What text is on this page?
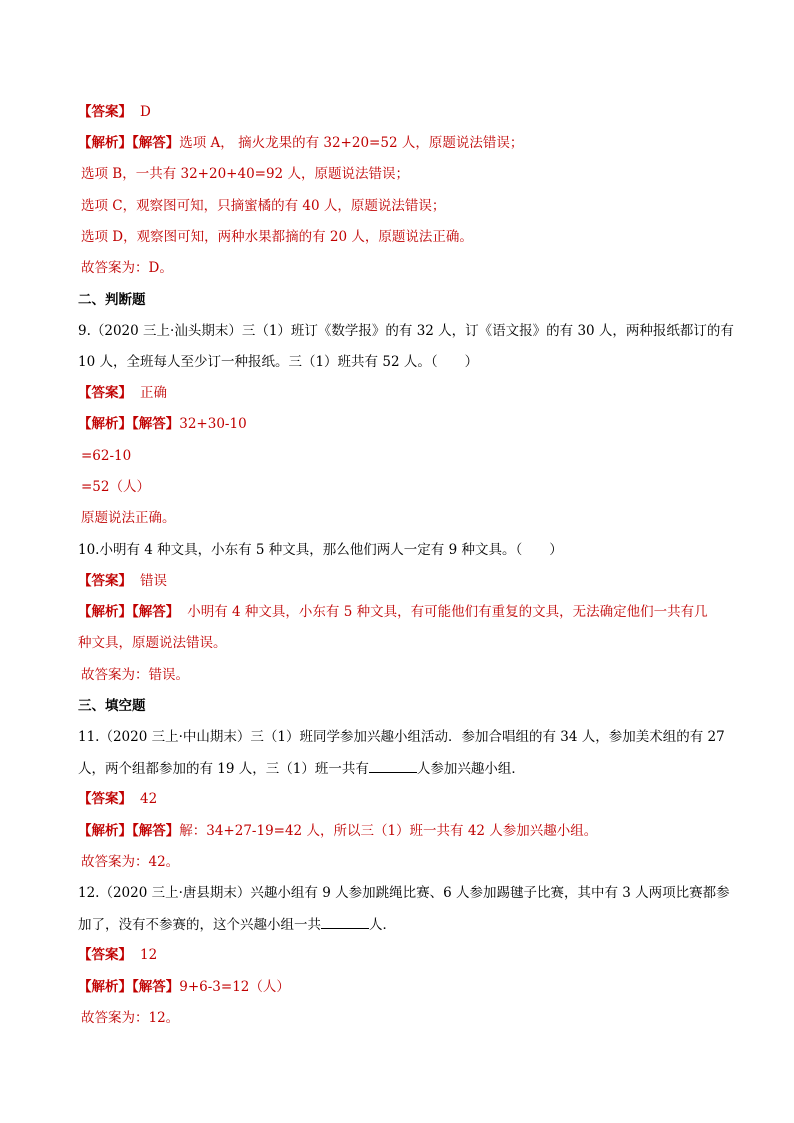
【答案】 D
【解析】【解答】选项 A， 摘火龙果的有 32+20=52 人，原题说法错误；
选项 B，一共有 32+20+40=92 人，原题说法错误；
选项 C，观察图可知，只摘蜜橘的有 40 人，原题说法错误；
选项 D，观察图可知，两种水果都摘的有 20 人，原题说法正确。
故答案为：D。
二、判断题
9.（2020 三上·汕头期末）三（1）班订《数学报》的有 32 人，订《语文报》的有 30 人，两种报纸都订的有
10 人，全班每人至少订一种报纸。三（1）班共有 52 人。（　　）
【答案】 正确
【解析】【解答】32+30-10
=62-10
=52（人）
原题说法正确。
10.小明有 4 种文具，小东有 5 种文具，那么他们两人一定有 9 种文具。（　　）
【答案】 错误
【解析】【解答】 小明有 4 种文具，小东有 5 种文具，有可能他们有重复的文具，无法确定他们一共有几
种文具，原题说法错误。
故答案为：错误。
三、填空题
11.（2020 三上·中山期末）三（1）班同学参加兴趣小组活动．参加合唱组的有 34 人，参加美术组的有 27
人，两个组都参加的有 19 人，三（1）班一共有	人参加兴趣小组．
【答案】 42
【解析】【解答】解：34+27-19=42 人，所以三（1）班一共有 42 人参加兴趣小组。
故答案为：42。
12.（2020 三上·唐县期末）兴趣小组有 9 人参加跳绳比赛、6 人参加踢毽子比赛，其中有 3 人两项比赛都参
加了，没有不参赛的，这个兴趣小组一共	人．
【答案】 12
【解析】【解答】9+6-3=12（人）
故答案为：12。
